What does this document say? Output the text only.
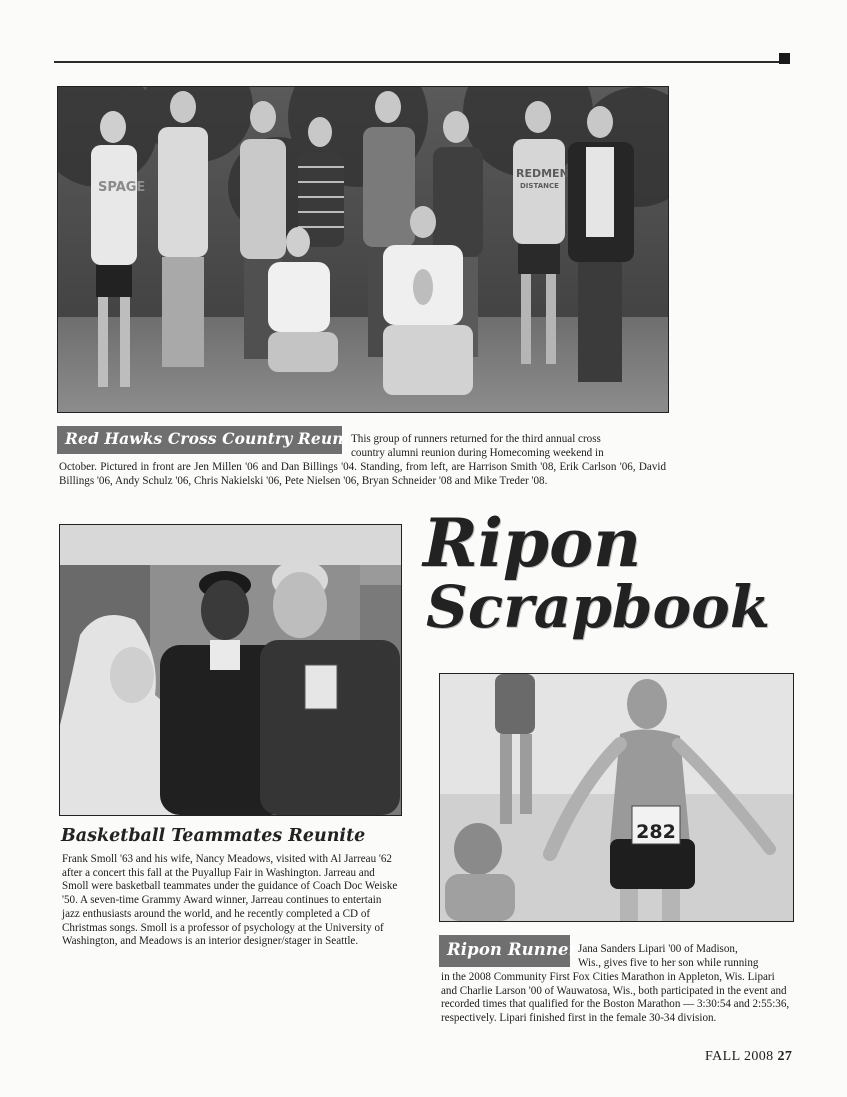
SPAGE
REDMEN
DISTANCE
Red Hawks Cross Country Reunion
This group of runners returned for the third annual cross
country alumni reunion during Homecoming weekend in
October. Pictured in front are Jen Millen '06 and Dan Billings '04. Standing, from left, are Harrison Smith '08, Erik Carlson '06, David Billings '06, Andy Schulz '06, Chris Nakielski '06, Pete Nielsen '06, Bryan Schneider '08 and Mike Treder '08.
Basketball Teammates Reunite
Frank Smoll '63 and his wife, Nancy Meadows, visited with Al Jarreau '62 after a concert this fall at the Puyallup Fair in Washington. Jarreau and Smoll were basketball teammates under the guidance of Coach Doc Weiske '50. A seven-time Grammy Award winner, Jarreau continues to entertain jazz enthusiasts around the world, and he recently completed a CD of Christmas songs. Smoll is a professor of psychology at the University of Washington, and Meadows is an interior designer/stager in Seattle.
Ripon
Scrapbook
282
Ripon Runners
Jana Sanders Lipari '00 of Madison,
Wis., gives five to her son while running
in the 2008 Community First Fox Cities Marathon in Appleton, Wis. Lipari and Charlie Larson '00 of Wauwatosa, Wis., both participated in the event and recorded times that qualified for the Boston Marathon — 3:30:54 and 2:55:36, respectively. Lipari finished first in the female 30-34 division.
FALL 2008 27
